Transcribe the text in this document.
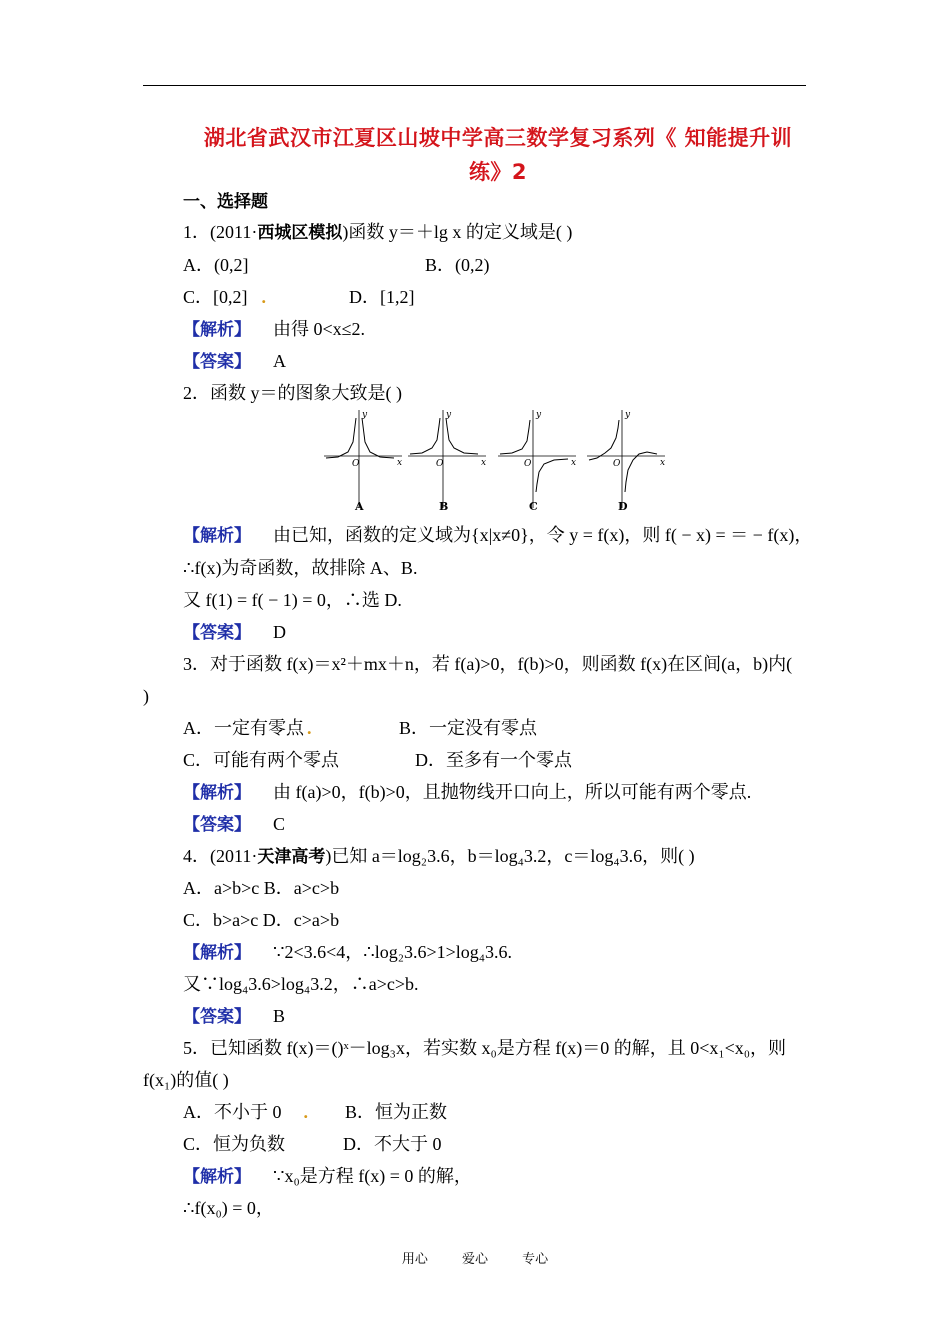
湖北省武汉市江夏区山坡中学高三数学复习系列《 知能提升训
练》2
一、选择题
1．(2011·西城区模拟)函数 y＝＋lg x 的定义域是( )
A．(0,2]	B．(0,2)
C．[0,2] .	D．[1,2]
【解析】 由得 0<x≤2.
【答案】 A
2．函数 y＝的图象大致是( )
O
y
x
A
O
y
x
B
O
y
x
C
O
y
x
D
【解析】 由已知，函数的定义域为{x|x≠0}，令 y = f(x)，则 f( − x) = ＝ − f(x)，
∴f(x)为奇函数，故排除 A、B.
又 f(1) = f( − 1) = 0，∴选 D.
【答案】 D
3．对于函数 f(x)＝x²＋mx＋n，若 f(a)>0，f(b)>0，则函数 f(x)在区间(a，b)内(
)
A．一定有零点 .	B．一定没有零点
C．可能有两个零点	D．至多有一个零点
【解析】 由 f(a)>0，f(b)>0，且抛物线开口向上，所以可能有两个零点.
【答案】 C
4．(2011·天津高考)已知 a＝log₂3.6，b＝log₄3.2，c＝log₄3.6，则( )
A．a>b>c B．a>c>b
C．b>a>c D．c>a>b
【解析】 ∵2<3.6<4，∴log₂3.6>1>log₄3.6.
又∵log₄3.6>log₄3.2，∴a>c>b.
【答案】 B
5．已知函数 f(x)＝()ˣ－log₃x，若实数 x₀是方程 f(x)＝0 的解，且 0<x₁<x₀，则
f(x₁)的值( )
A．不小于 0 . B．恒为正数
C．恒为负数	D．不大于 0
【解析】 ∵x₀是方程 f(x) = 0 的解，
∴f(x₀) = 0，
用心	爱心	专心
